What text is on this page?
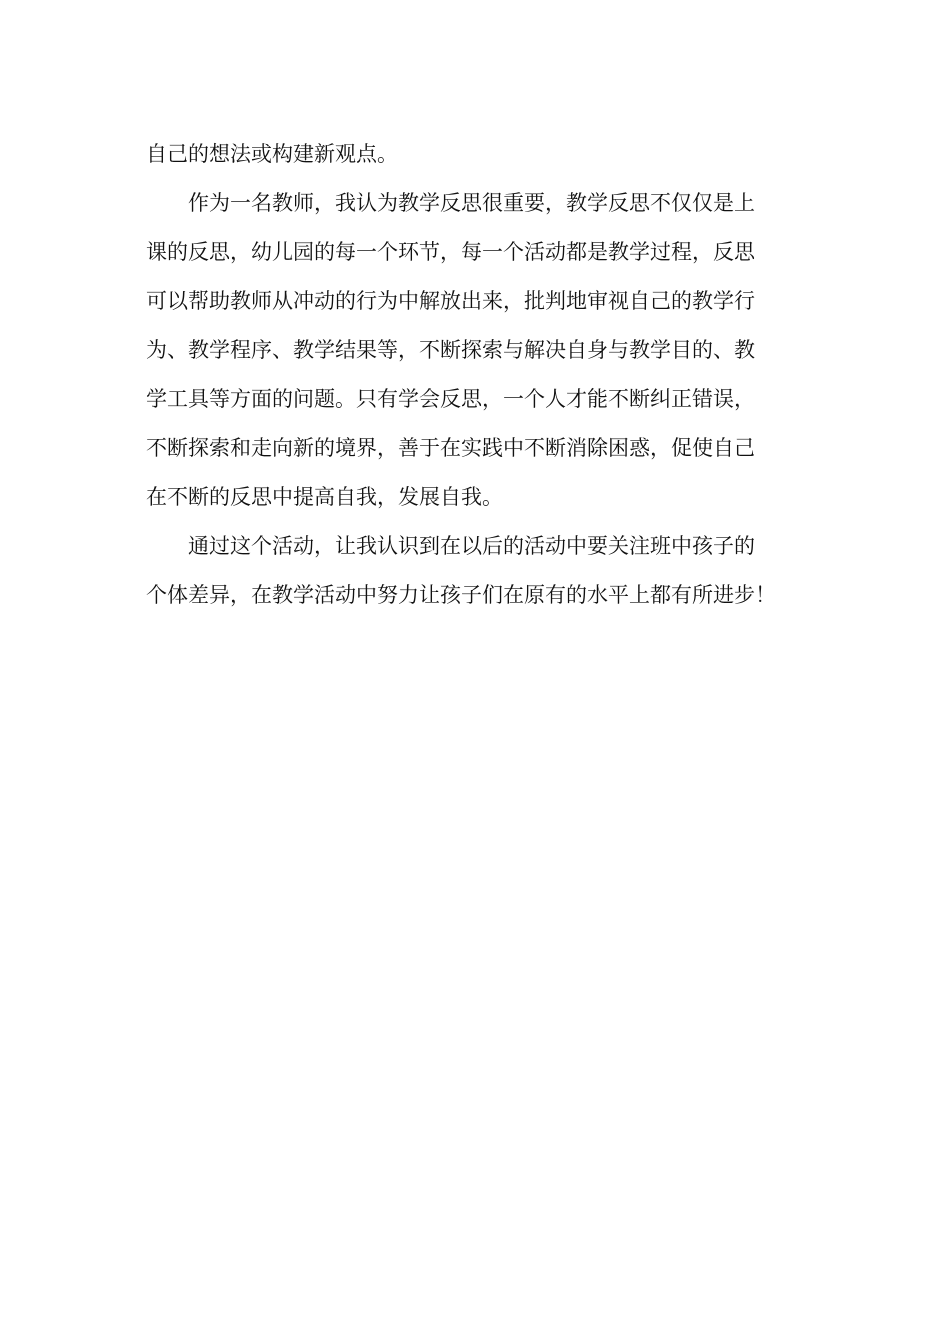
自己的想法或构建新观点。
作为一名教师，我认为教学反思很重要，教学反思不仅仅是上
课的反思，幼儿园的每一个环节，每一个活动都是教学过程，反思
可以帮助教师从冲动的行为中解放出来，批判地审视自己的教学行
为、教学程序、教学结果等，不断探索与解决自身与教学目的、教
学工具等方面的问题。只有学会反思，一个人才能不断纠正错误，
不断探索和走向新的境界，善于在实践中不断消除困惑，促使自己
在不断的反思中提高自我，发展自我。
通过这个活动，让我认识到在以后的活动中要关注班中孩子的
个体差异，在教学活动中努力让孩子们在原有的水平上都有所进步！
